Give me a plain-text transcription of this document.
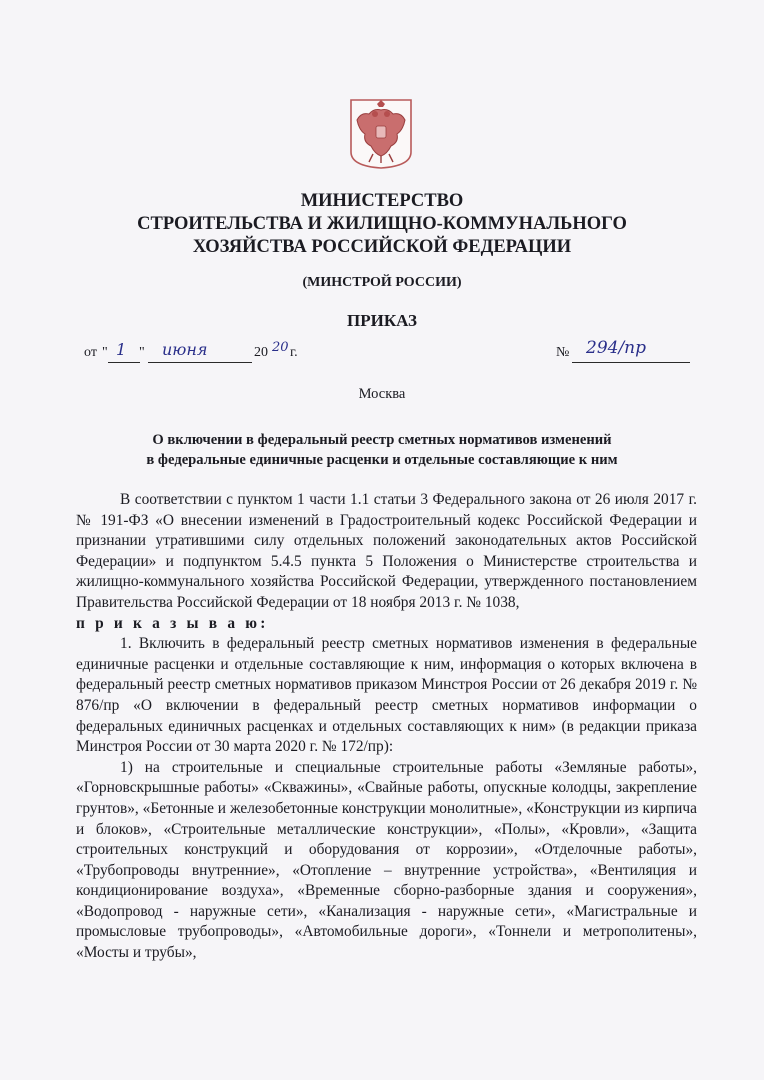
МИНИСТЕРСТВО
СТРОИТЕЛЬСТВА И ЖИЛИЩНО-КОММУНАЛЬНОГО
ХОЗЯЙСТВА РОССИЙСКОЙ ФЕДЕРАЦИИ
(МИНСТРОЙ РОССИИ)
ПРИКАЗ
от " 1 " июня	20 20 г.	№ 294/пр
Москва
О включении в федеральный реестр сметных нормативов изменений
в федеральные единичные расценки и отдельные составляющие к ним

В соответствии с пунктом 1 части 1.1 статьи 3 Федерального закона от 26 июля 2017 г. № 191-ФЗ «О внесении изменений в Градостроительный кодекс Российской Федерации и признании утратившими силу отдельных положений законодательных актов Российской Федерации» и подпунктом 5.4.5 пункта 5 Положения о Министерстве строительства и жилищно-коммунального хозяйства Российской Федерации, утвержденного постановлением Правительства Российской Федерации от 18 ноября 2013 г. № 1038,

п р и к а з ы в а ю:

1. Включить в федеральный реестр сметных нормативов изменения в федеральные единичные расценки и отдельные составляющие к ним, информация о которых включена в федеральный реестр сметных нормативов приказом Минстроя России от 26 декабря 2019 г. № 876/пр «О включении в федеральный реестр сметных нормативов информации о федеральных единичных расценках и отдельных составляющих к ним» (в редакции приказа Минстроя России от 30 марта 2020 г. № 172/пр):

1) на строительные и специальные строительные работы «Земляные работы», «Горновскрышные работы» «Скважины», «Свайные работы, опускные колодцы, закрепление грунтов», «Бетонные и железобетонные конструкции монолитные», «Конструкции из кирпича и блоков», «Строительные металлические конструкции», «Полы», «Кровли», «Защита строительных конструкций и оборудования от коррозии», «Отделочные работы», «Трубопроводы внутренние», «Отопление – внутренние устройства», «Вентиляция и кондиционирование воздуха», «Временные сборно-разборные здания и сооружения», «Водопровод - наружные сети», «Канализация - наружные сети», «Магистральные и промысловые трубопроводы», «Автомобильные дороги», «Тоннели и метрополитены», «Мосты и трубы»,
